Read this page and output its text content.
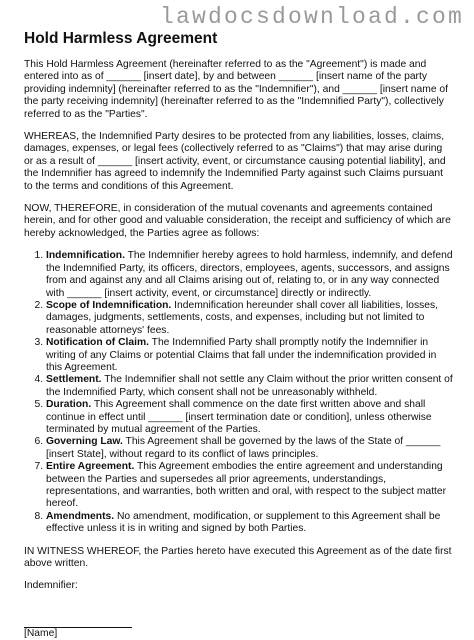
lawdocsdownload.com
Hold Harmless Agreement

This Hold Harmless Agreement (hereinafter referred to as the "Agreement") is made and entered into as of ______ [insert date], by and between ______ [insert name of the party providing indemnity] (hereinafter referred to as the "Indemnifier"), and ______ [insert name of the party receiving indemnity] (hereinafter referred to as the "Indemnified Party"), collectively referred to as the "Parties".

WHEREAS, the Indemnified Party desires to be protected from any liabilities, losses, claims, damages, expenses, or legal fees (collectively referred to as "Claims") that may arise during or as a result of ______ [insert activity, event, or circumstance causing potential liability], and the Indemnifier has agreed to indemnify the Indemnified Party against such Claims pursuant to the terms and conditions of this Agreement.

NOW, THEREFORE, in consideration of the mutual covenants and agreements contained herein, and for other good and valuable consideration, the receipt and sufficiency of which are hereby acknowledged, the Parties agree as follows:

1. Indemnification. The Indemnifier hereby agrees to hold harmless, indemnify, and defend the Indemnified Party, its officers, directors, employees, agents, successors, and assigns from and against any and all Claims arising out of, relating to, or in any way connected with ______ [insert activity, event, or circumstance] directly or indirectly.
2. Scope of Indemnification. Indemnification hereunder shall cover all liabilities, losses, damages, judgments, settlements, costs, and expenses, including but not limited to reasonable attorneys' fees.
3. Notification of Claim. The Indemnified Party shall promptly notify the Indemnifier in writing of any Claims or potential Claims that fall under the indemnification provided in this Agreement.
4. Settlement. The Indemnifier shall not settle any Claim without the prior written consent of the Indemnified Party, which consent shall not be unreasonably withheld.
5. Duration. This Agreement shall commence on the date first written above and shall continue in effect until ______ [insert termination date or condition], unless otherwise terminated by mutual agreement of the Parties.
6. Governing Law. This Agreement shall be governed by the laws of the State of ______ [insert State], without regard to its conflict of laws principles.
7. Entire Agreement. This Agreement embodies the entire agreement and understanding between the Parties and supersedes all prior agreements, understandings, representations, and warranties, both written and oral, with respect to the subject matter hereof.
8. Amendments. No amendment, modification, or supplement to this Agreement shall be effective unless it is in writing and signed by both Parties.

IN WITNESS WHEREOF, the Parties hereto have executed this Agreement as of the date first above written.

Indemnifier:

[Name]
